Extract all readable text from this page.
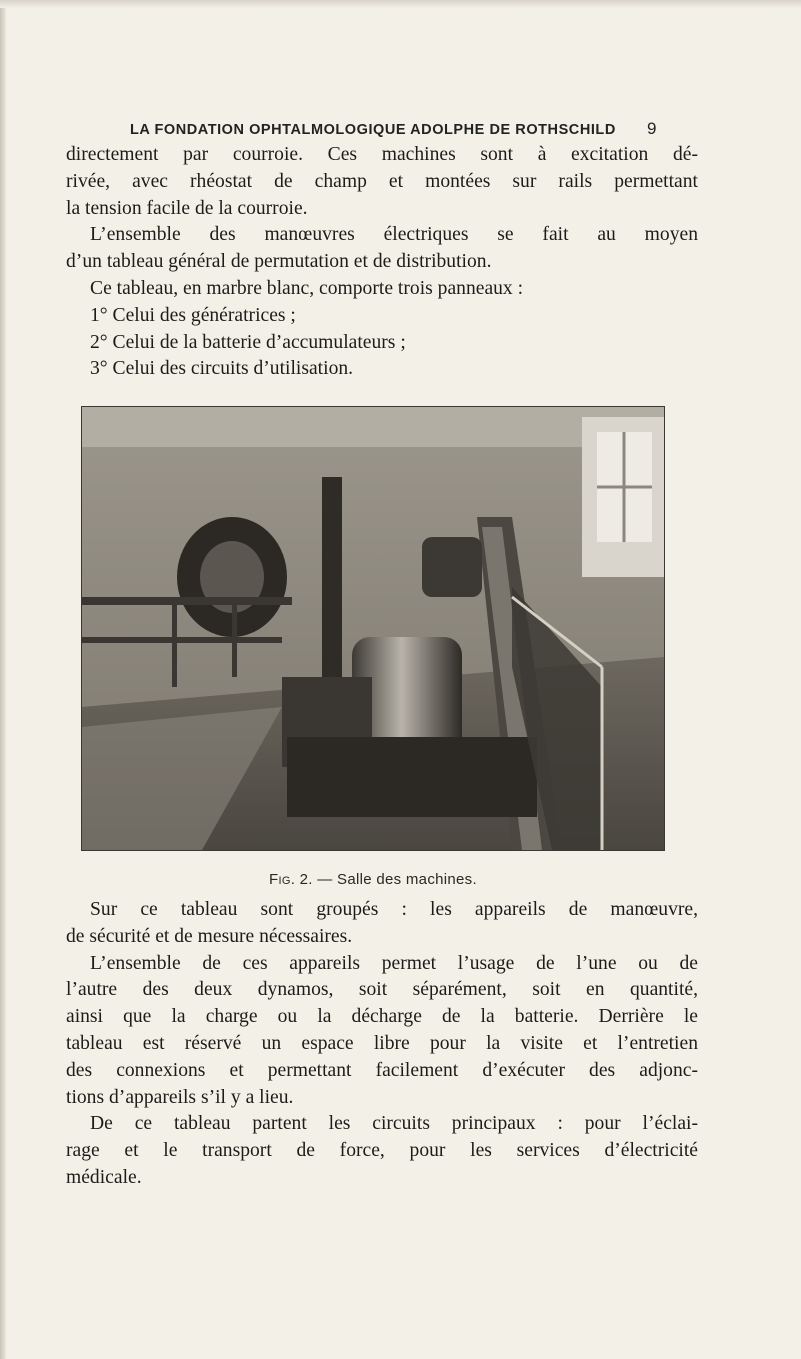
LA FONDATION OPHTALMOLOGIQUE ADOLPHE DE ROTHSCHILD 9
directement par courroie. Ces machines sont à excitation dé-
rivée, avec rhéostat de champ et montées sur rails permettant
la tension facile de la courroie.
L’ensemble des manœuvres électriques se fait au moyen
d’un tableau général de permutation et de distribution.
Ce tableau, en marbre blanc, comporte trois panneaux :
1° Celui des génératrices ;
2° Celui de la batterie d’accumulateurs ;
3° Celui des circuits d’utilisation.
Fig. 2. — Salle des machines.
Sur ce tableau sont groupés : les appareils de manœuvre,
de sécurité et de mesure nécessaires.
L’ensemble de ces appareils permet l’usage de l’une ou de
l’autre des deux dynamos, soit séparément, soit en quantité,
ainsi que la charge ou la décharge de la batterie. Derrière le
tableau est réservé un espace libre pour la visite et l’entretien
des connexions et permettant facilement d’exécuter des adjonc-
tions d’appareils s’il y a lieu.
De ce tableau partent les circuits principaux : pour l’éclai-
rage et le transport de force, pour les services d’électricité
médicale.
